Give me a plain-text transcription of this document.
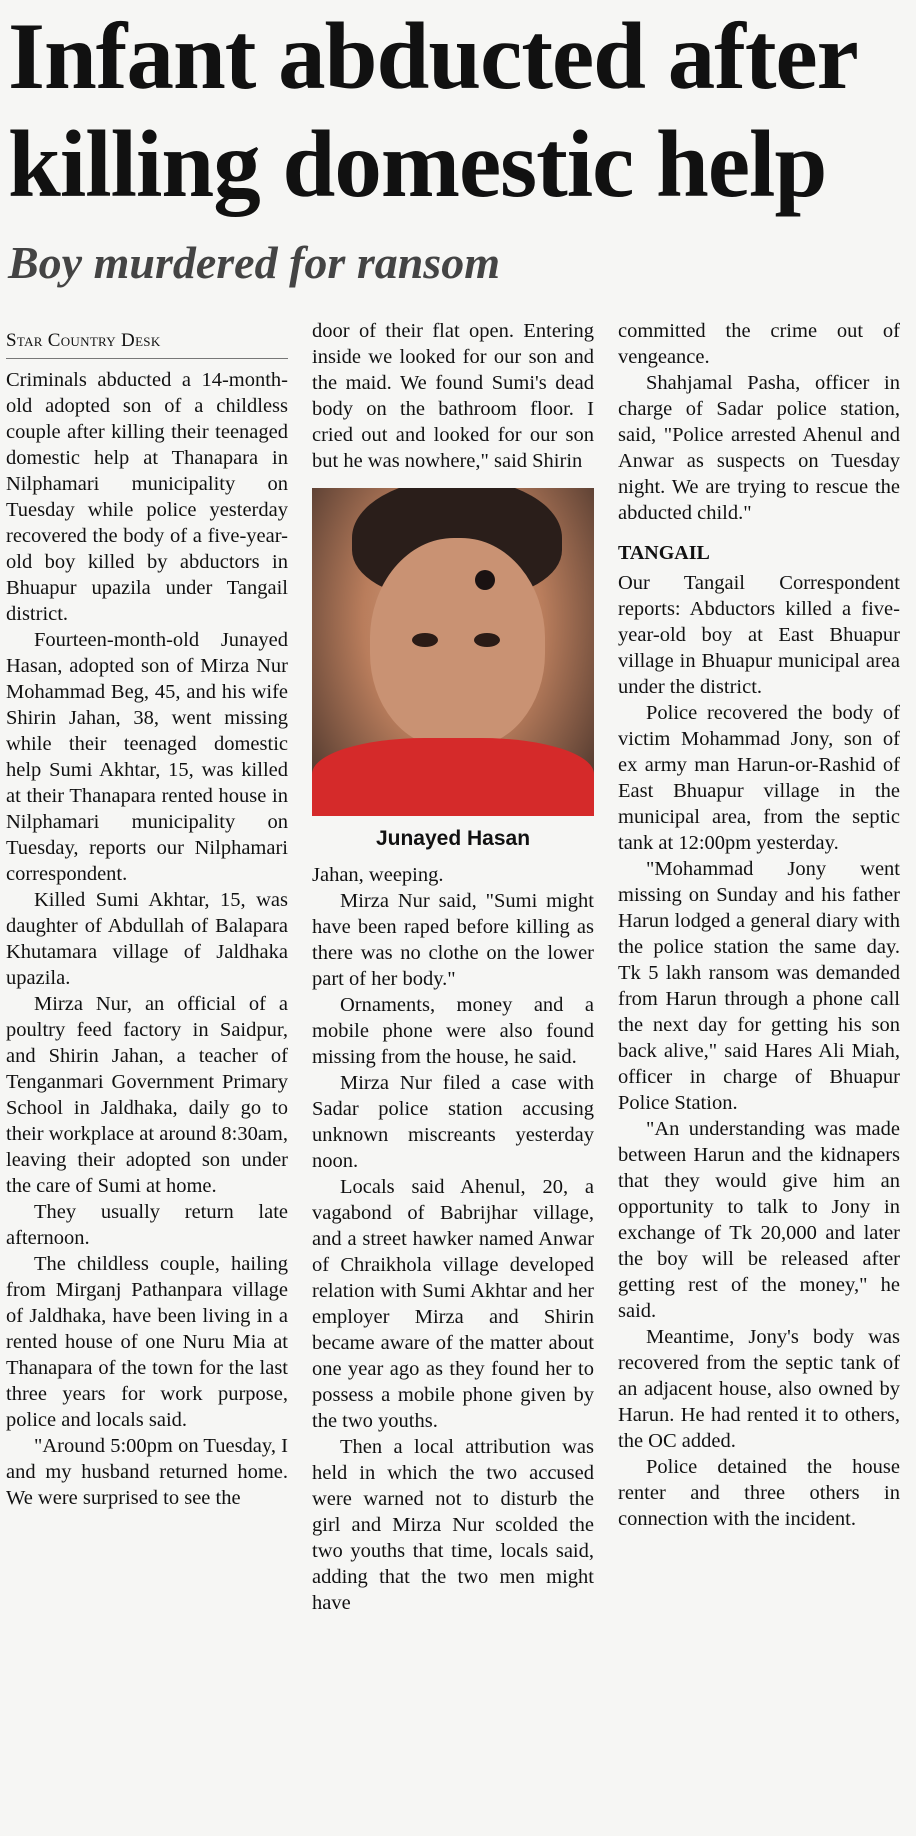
Infant abducted after killing domestic help
Boy murdered for ransom
Star Country Desk

Criminals abducted a 14-month-old adopted son of a childless couple after killing their teenaged domestic help at Thanapara in Nilphamari municipality on Tuesday while police yesterday recovered the body of a five-year-old boy killed by abductors in Bhuapur upazila under Tangail district.

Fourteen-month-old Junayed Hasan, adopted son of Mirza Nur Mohammad Beg, 45, and his wife Shirin Jahan, 38, went missing while their teenaged domestic help Sumi Akhtar, 15, was killed at their Thanapara rented house in Nilphamari municipality on Tuesday, reports our Nilphamari correspondent.

Killed Sumi Akhtar, 15, was daughter of Abdullah of Balapara Khutamara village of Jaldhaka upazila.

Mirza Nur, an official of a poultry feed factory in Saidpur, and Shirin Jahan, a teacher of Tenganmari Government Primary School in Jaldhaka, daily go to their workplace at around 8:30am, leaving their adopted son under the care of Sumi at home.

They usually return late afternoon.

The childless couple, hailing from Mirganj Pathanpara village of Jaldhaka, have been living in a rented house of one Nuru Mia at Thanapara of the town for the last three years for work purpose, police and locals said.

"Around 5:00pm on Tuesday, I and my husband returned home. We were surprised to see the

door of their flat open. Entering inside we looked for our son and the maid. We found Sumi's dead body on the bathroom floor. I cried out and looked for our son but he was nowhere," said Shirin

Junayed Hasan

Jahan, weeping.

Mirza Nur said, "Sumi might have been raped before killing as there was no clothe on the lower part of her body."

Ornaments, money and a mobile phone were also found missing from the house, he said.

Mirza Nur filed a case with Sadar police station accusing unknown miscreants yesterday noon.

Locals said Ahenul, 20, a vagabond of Babrijhar village, and a street hawker named Anwar of Chraikhola village developed relation with Sumi Akhtar and her employer Mirza and Shirin became aware of the matter about one year ago as they found her to possess a mobile phone given by the two youths.

Then a local attribution was held in which the two accused were warned not to disturb the girl and Mirza Nur scolded the two youths that time, locals said, adding that the two men might have

committed the crime out of vengeance.

Shahjamal Pasha, officer in charge of Sadar police station, said, "Police arrested Ahenul and Anwar as suspects on Tuesday night. We are trying to rescue the abducted child."

TANGAIL

Our Tangail Correspondent reports: Abductors killed a five-year-old boy at East Bhuapur village in Bhuapur municipal area under the district.

Police recovered the body of victim Mohammad Jony, son of ex army man Harun-or-Rashid of East Bhuapur village in the municipal area, from the septic tank at 12:00pm yesterday.

"Mohammad Jony went missing on Sunday and his father Harun lodged a general diary with the police station the same day. Tk 5 lakh ransom was demanded from Harun through a phone call the next day for getting his son back alive," said Hares Ali Miah, officer in charge of Bhuapur Police Station.

"An understanding was made between Harun and the kidnapers that they would give him an opportunity to talk to Jony in exchange of Tk 20,000 and later the boy will be released after getting rest of the money," he said.

Meantime, Jony's body was recovered from the septic tank of an adjacent house, also owned by Harun. He had rented it to others, the OC added.

Police detained the house renter and three others in connection with the incident.
